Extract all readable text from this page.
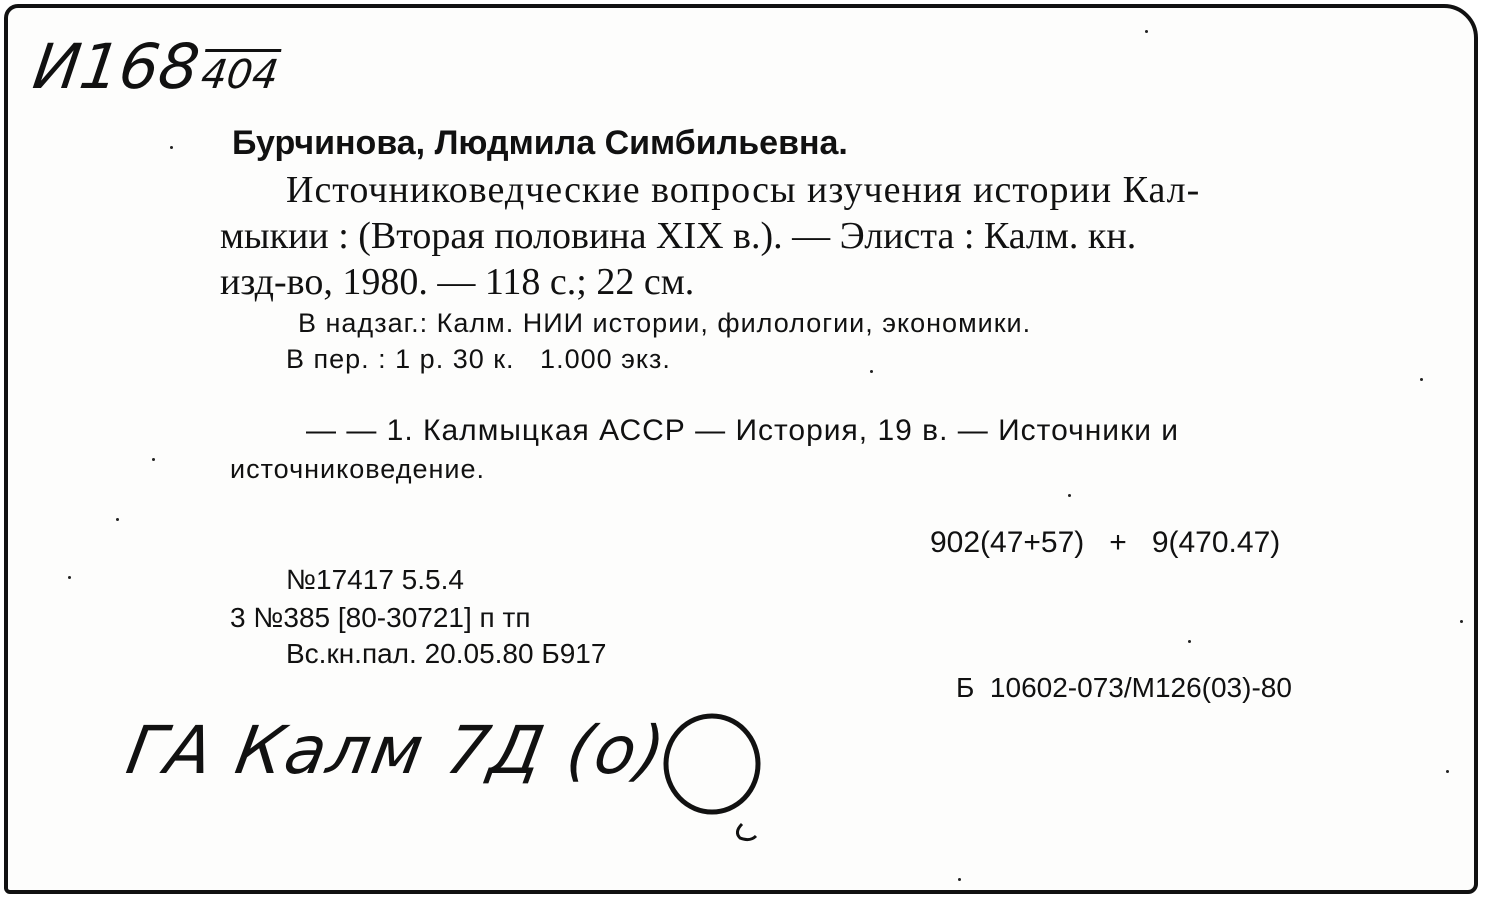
И168404
Бурчинова, Людмила Симбильевна.
Источниковедческие вопросы изучения истории Кал-
мыкии : (Вторая половина XIX в.). — Элиста : Калм. кн.
изд-во, 1980. — 118 с.; 22 см.
В надзаг.: Калм. НИИ истории, филологии, экономики.
В пер. : 1 р. 30 к.   1.000 экз.
— — 1. Калмыцкая АССР — История, 19 в. — Источники и
источниковедение.
902(47+57)   +   9(470.47)
№17417 5.5.4
3 №385 [80-30721] п тп
Вс.кн.пал. 20.05.80 Б917
Б  10602-073/М126(03)-80
ГА Калм 7Д (о)
